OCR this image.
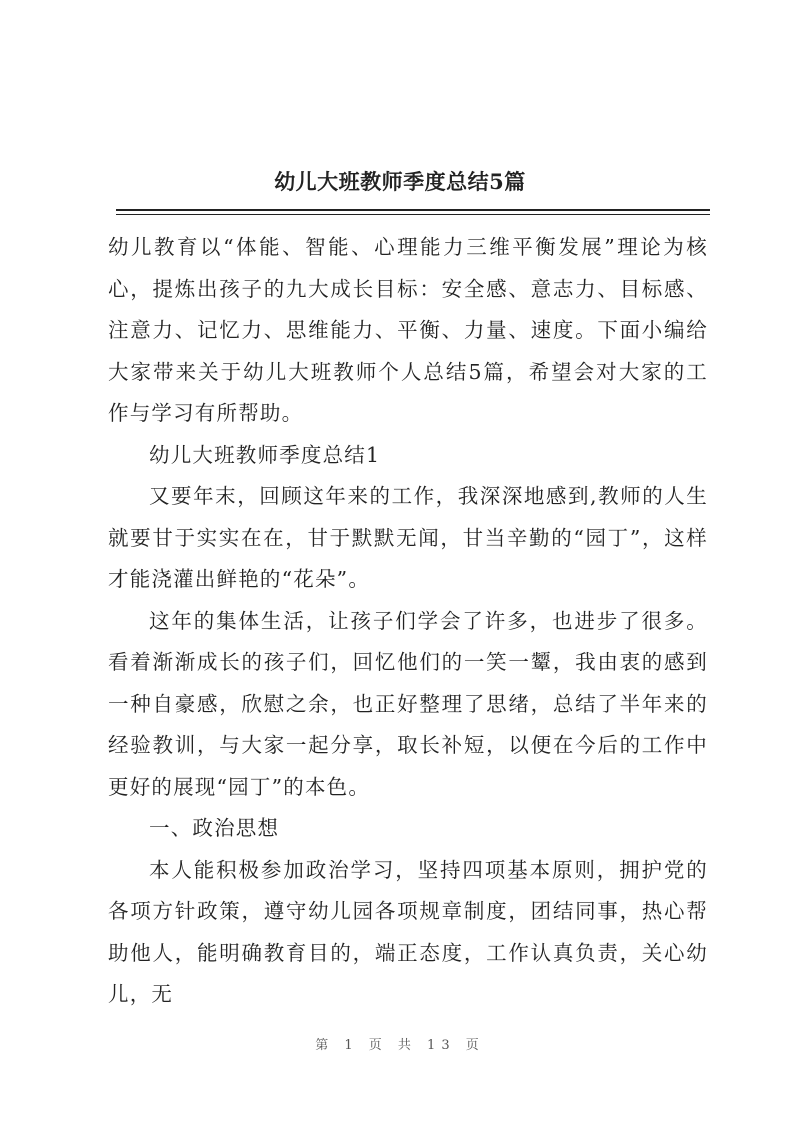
幼儿大班教师季度总结5篇

幼儿教育以“体能、智能、心理能力三维平衡发展”理论为核心，提炼出孩子的九大成长目标：安全感、意志力、目标感、注意力、记忆力、思维能力、平衡、力量、速度。下面小编给大家带来关于幼儿大班教师个人总结5篇，希望会对大家的工作与学习有所帮助。

幼儿大班教师季度总结1

又要年末，回顾这年来的工作，我深深地感到,教师的人生就要甘于实实在在，甘于默默无闻，甘当辛勤的“园丁”，这样才能浇灌出鲜艳的“花朵”。

这年的集体生活，让孩子们学会了许多，也进步了很多。看着渐渐成长的孩子们，回忆他们的一笑一颦，我由衷的感到一种自豪感，欣慰之余，也正好整理了思绪，总结了半年来的经验教训，与大家一起分享，取长补短，以便在今后的工作中更好的展现“园丁”的本色。

一、政治思想

本人能积极参加政治学习，坚持四项基本原则，拥护党的各项方针政策，遵守幼儿园各项规章制度，团结同事，热心帮助他人，能明确教育目的，端正态度，工作认真负责，关心幼儿，无

第 1 页 共 13 页
